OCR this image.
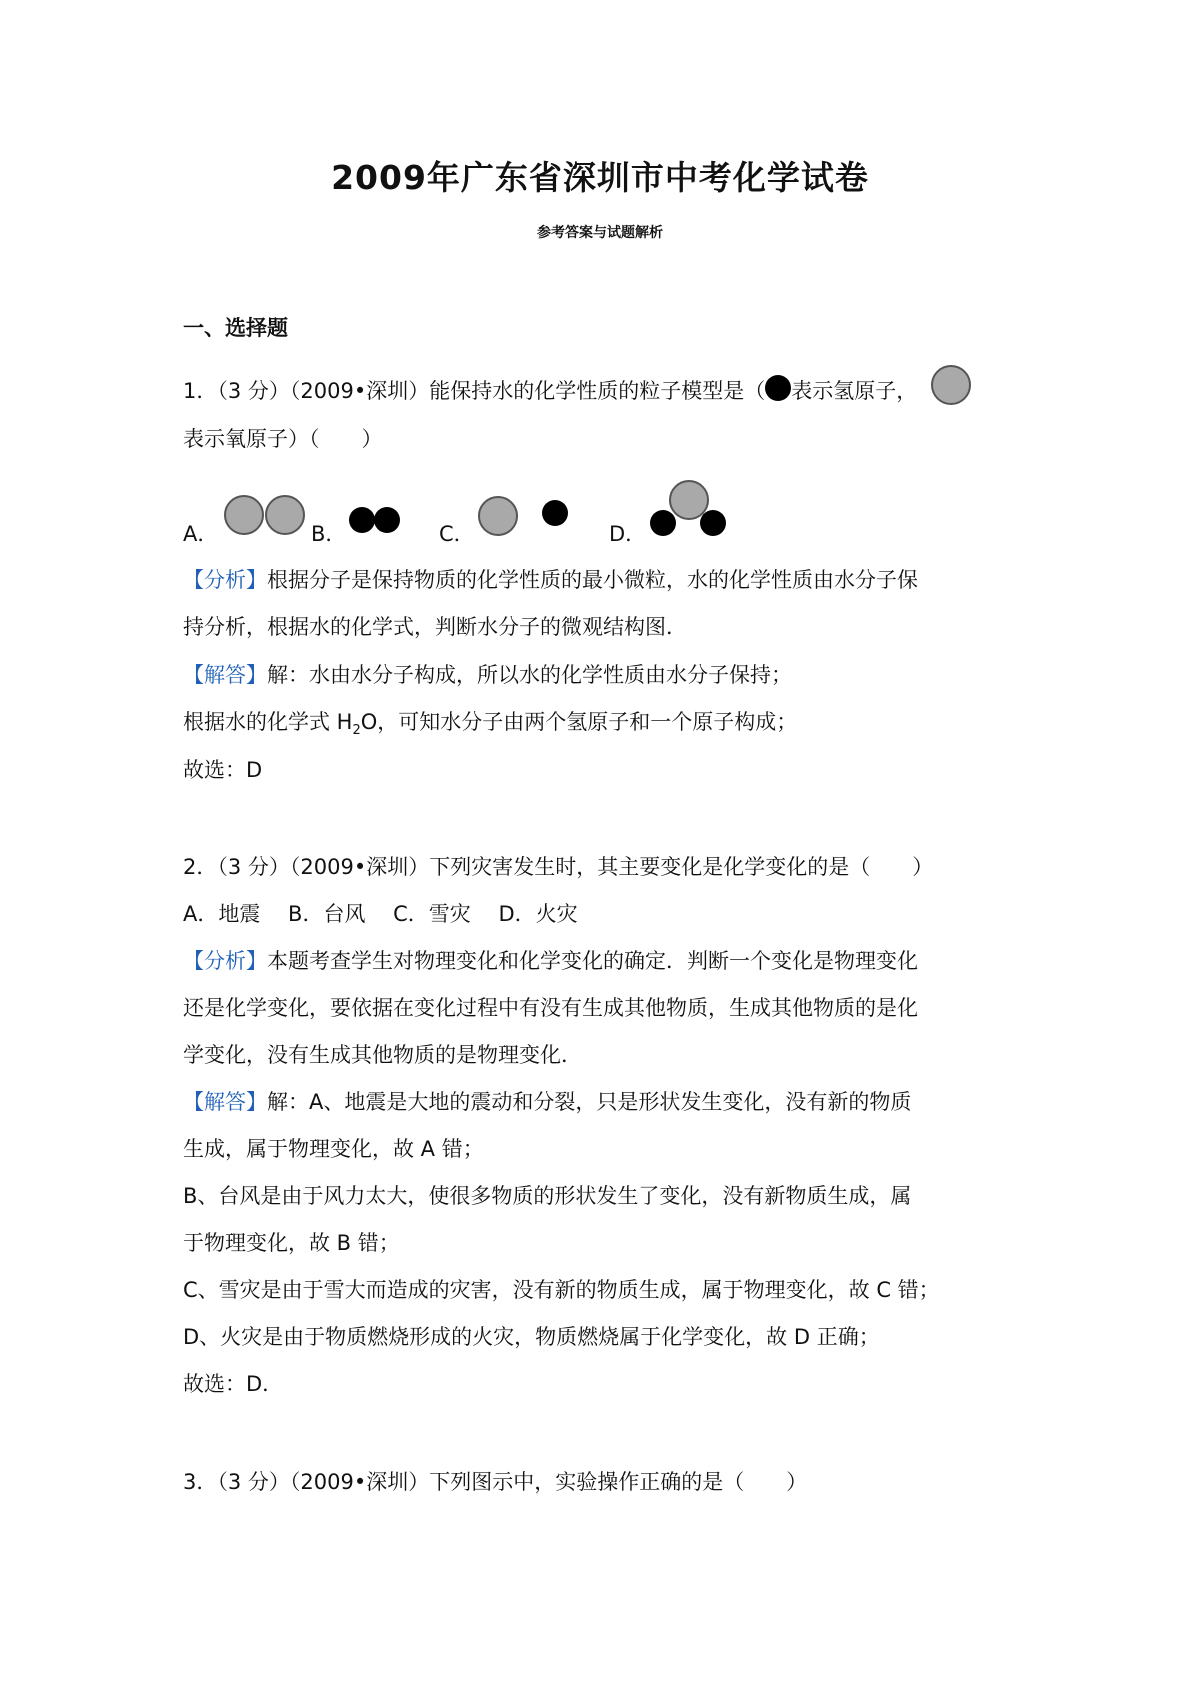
2009年广东省深圳市中考化学试卷
参考答案与试题解析
一、选择题
1．（3 分）（2009•深圳）能保持水的化学性质的粒子模型是（ 表示氢原子，
表示氧原子）（　　）
A．	B．	C．	D．
【分析】根据分子是保持物质的化学性质的最小微粒，水的化学性质由水分子保
持分析，根据水的化学式，判断水分子的微观结构图．
【解答】解：水由水分子构成，所以水的化学性质由水分子保持；
根据水的化学式 $H_2O$，可知水分子由两个氢原子和一个原子构成；
故选：D
2．（3 分）（2009•深圳）下列灾害发生时，其主要变化是化学变化的是（　　）
A．地震　 B．台风　 C．雪灾　 D．火灾
【分析】本题考查学生对物理变化和化学变化的确定．判断一个变化是物理变化
还是化学变化，要依据在变化过程中有没有生成其他物质，生成其他物质的是化
学变化，没有生成其他物质的是物理变化．
【解答】解：A、地震是大地的震动和分裂，只是形状发生变化，没有新的物质
生成，属于物理变化，故 A 错；
B、台风是由于风力太大，使很多物质的形状发生了变化，没有新物质生成，属
于物理变化，故 B 错；
C、雪灾是由于雪大而造成的灾害，没有新的物质生成，属于物理变化，故 C 错；
D、火灾是由于物质燃烧形成的火灾，物质燃烧属于化学变化，故 D 正确；
故选：D．
3．（3 分）（2009•深圳）下列图示中，实验操作正确的是（　　）
